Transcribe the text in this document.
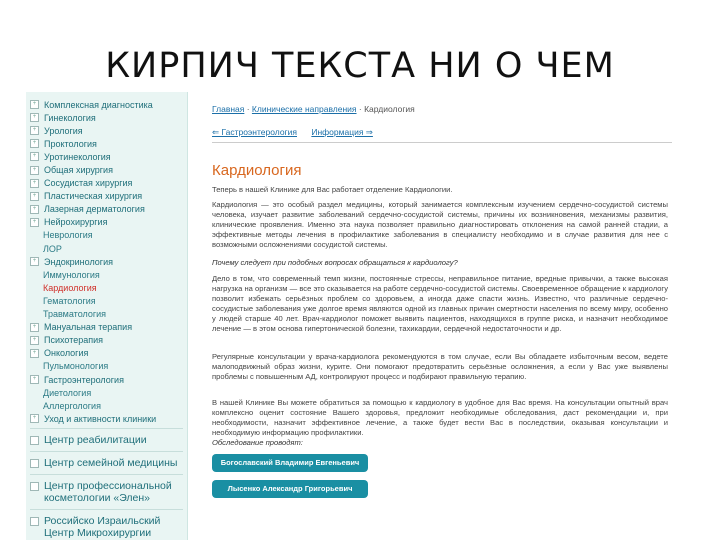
КИРПИЧ ТЕКСТА НИ О ЧЕМ
+ Комплексная диагностика
+ Гинекология
+ Урология
+ Проктология
+ Уротинекология
+ Общая хирургия
+ Сосудистая хирургия
+ Пластическая хирургия
+ Лазерная дерматология
+ Нейрохирургия
Неврология
ЛОР
+ Эндокринология
Иммунология
Кардиология
Гематология
Травматология
+ Мануальная терапия
+ Психотерапия
+ Онкология
Пульмонология
+ Гастроэнтерология
Диетология
Аллергология
+ Уход и активности клиники
Центр реабилитации
Центр семейной медицины
Центр профессиональной косметологии «Элен»
Российско Израильский Центр Микрохирургии
Главная · Клинические направления · Кардиология
⇐ Гастроэнтерология Информация ⇒
Кардиология
Теперь в нашей Клинике для Вас работает отделение Кардиологии.
Кардиология — это особый раздел медицины, который занимается комплексным изучением сердечно-сосудистой системы человека, изучает развитие заболеваний сердечно-сосудистой системы, причины их возникновения, механизмы развития, клинические проявления. Именно эта наука позволяет правильно диагностировать отклонения на самой ранней стадии, а эффективные методы лечения в профилактике заболевания в специалисту необходимо и в случае развития для нее с возможными осложнениями сосудистой системы.
Почему следует при подобных вопросах обращаться к кардиологу?
Дело в том, что современный темп жизни, постоянные стрессы, неправильное питание, вредные привычки, а также высокая нагрузка на организм — все это сказывается на работе сердечно-сосудистой системы. Своевременное обращение к кардиологу позволит избежать серьёзных проблем со здоровьем, а иногда даже спасти жизнь. Известно, что различные сердечно-сосудистые заболевания уже долгое время являются одной из главных причин смертности населения по всему миру, особенно у людей старше 40 лет. Врач-кардиолог поможет выявить пациентов, находящихся в группе риска, и назначит необходимое лечение — в этом основа гипертонической болезни, тахикардии, сердечной недостаточности и др.
Регулярные консультации у врача-кардиолога рекомендуются в том случае, если Вы обладаете избыточным весом, ведете малоподвижный образ жизни, курите. Они помогают предотвратить серьёзные осложнения, а если у Вас уже выявлены проблемы с повышенным АД, контролируют процесс и подбирают правильную терапию.
В нашей Клинике Вы можете обратиться за помощью к кардиологу в удобное для Вас время. На консультации опытный врач комплексно оценит состояние Вашего здоровья, предложит необходимые обследования, даст рекомендации и, при необходимости, назначит эффективное лечение, а также будет вести Вас в последствии, оказывая консультации и необходимую информацию профилактики.
Обследование проводят:
Богославский Владимир Евгеньевич
Лысенко Александр Григорьевич
